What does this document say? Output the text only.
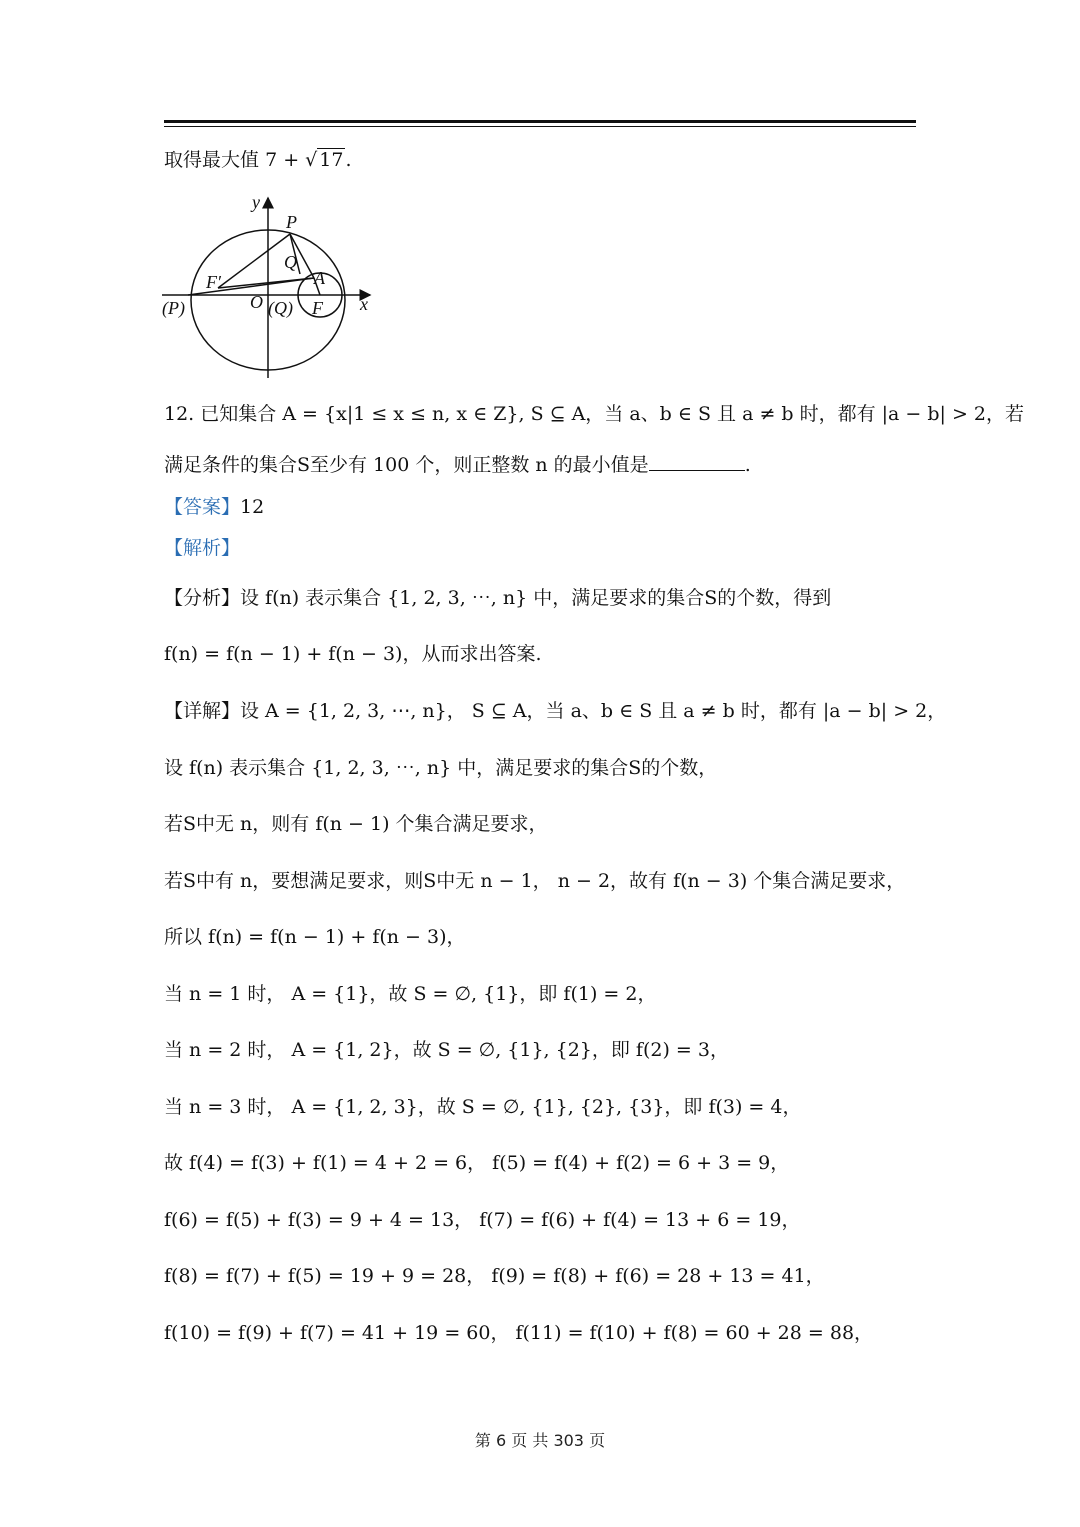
取得最大值 7 + √ 17 .
y
P
Q
A
F′
(P)	O (Q) F x
12. 已知集合 A = {x|1 ≤ x ≤ n, x ∈ Z}, S ⊆ A，当 a、b ∈ S 且 a ≠ b 时，都有 |a − b| > 2，若
满足条件的集合S至少有 100 个，则正整数 n 的最小值是	.
【答案】12
【解析】
【分析】设 f(n) 表示集合 {1, 2, 3, ⋯, n} 中，满足要求的集合S的个数，得到
f(n) = f(n − 1) + f(n − 3)，从而求出答案.
【详解】设 A = {1, 2, 3, ⋯, n}， S ⊆ A，当 a、b ∈ S 且 a ≠ b 时，都有 |a − b| > 2，
设 f(n) 表示集合 {1, 2, 3, ⋯, n} 中，满足要求的集合S的个数，
若S中无 n，则有 f(n − 1) 个集合满足要求，
若S中有 n，要想满足要求，则S中无 n − 1， n − 2，故有 f(n − 3) 个集合满足要求，
所以 f(n) = f(n − 1) + f(n − 3)，
当 n = 1 时， A = {1}，故 S = ∅, {1}，即 f(1) = 2，
当 n = 2 时， A = {1, 2}，故 S = ∅, {1}, {2}，即 f(2) = 3，
当 n = 3 时， A = {1, 2, 3}，故 S = ∅, {1}, {2}, {3}，即 f(3) = 4，
故 f(4) = f(3) + f(1) = 4 + 2 = 6， f(5) = f(4) + f(2) = 6 + 3 = 9，
f(6) = f(5) + f(3) = 9 + 4 = 13， f(7) = f(6) + f(4) = 13 + 6 = 19，
f(8) = f(7) + f(5) = 19 + 9 = 28， f(9) = f(8) + f(6) = 28 + 13 = 41，
f(10) = f(9) + f(7) = 41 + 19 = 60， f(11) = f(10) + f(8) = 60 + 28 = 88，
第 6 页 共 303 页
